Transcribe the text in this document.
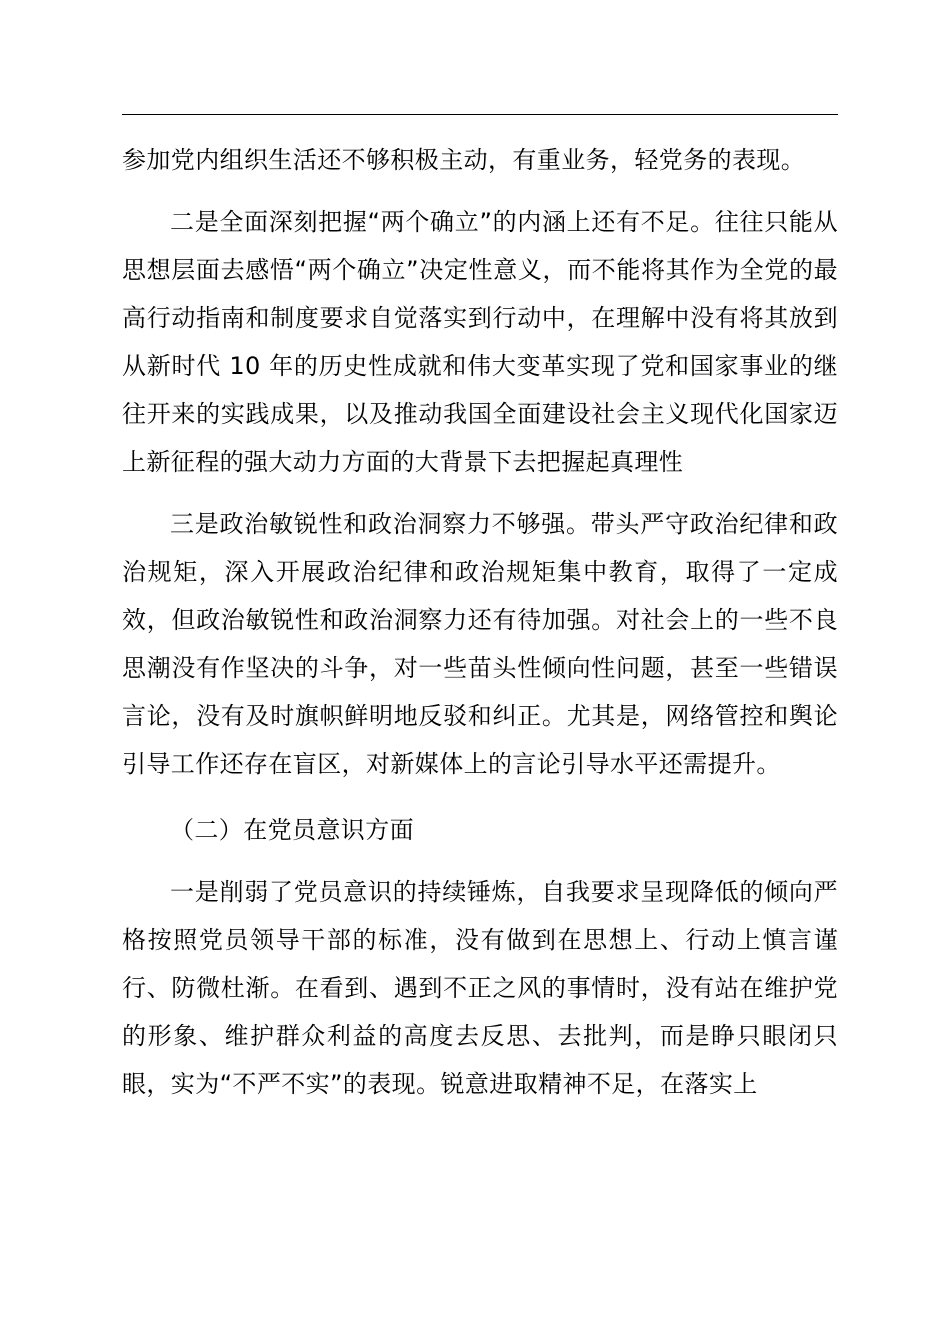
参加党内组织生活还不够积极主动，有重业务，轻党务的表现。

二是全面深刻把握“两个确立”的内涵上还有不足。往往只能从思想层面去感悟“两个确立”决定性意义，而不能将其作为全党的最高行动指南和制度要求自觉落实到行动中，在理解中没有将其放到从新时代 10 年的历史性成就和伟大变革实现了党和国家事业的继往开来的实践成果，以及推动我国全面建设社会主义现代化国家迈上新征程的强大动力方面的大背景下去把握起真理性

三是政治敏锐性和政治洞察力不够强。带头严守政治纪律和政治规矩，深入开展政治纪律和政治规矩集中教育，取得了一定成效，但政治敏锐性和政治洞察力还有待加强。对社会上的一些不良思潮没有作坚决的斗争，对一些苗头性倾向性问题，甚至一些错误言论，没有及时旗帜鲜明地反驳和纠正。尤其是，网络管控和舆论引导工作还存在盲区，对新媒体上的言论引导水平还需提升。

（二）在党员意识方面

一是削弱了党员意识的持续锤炼，自我要求呈现降低的倾向严格按照党员领导干部的标准，没有做到在思想上、行动上慎言谨行、防微杜渐。在看到、遇到不正之风的事情时，没有站在维护党的形象、维护群众利益的高度去反思、去批判，而是睁只眼闭只眼，实为“不严不实”的表现。锐意进取精神不足，在落实上
